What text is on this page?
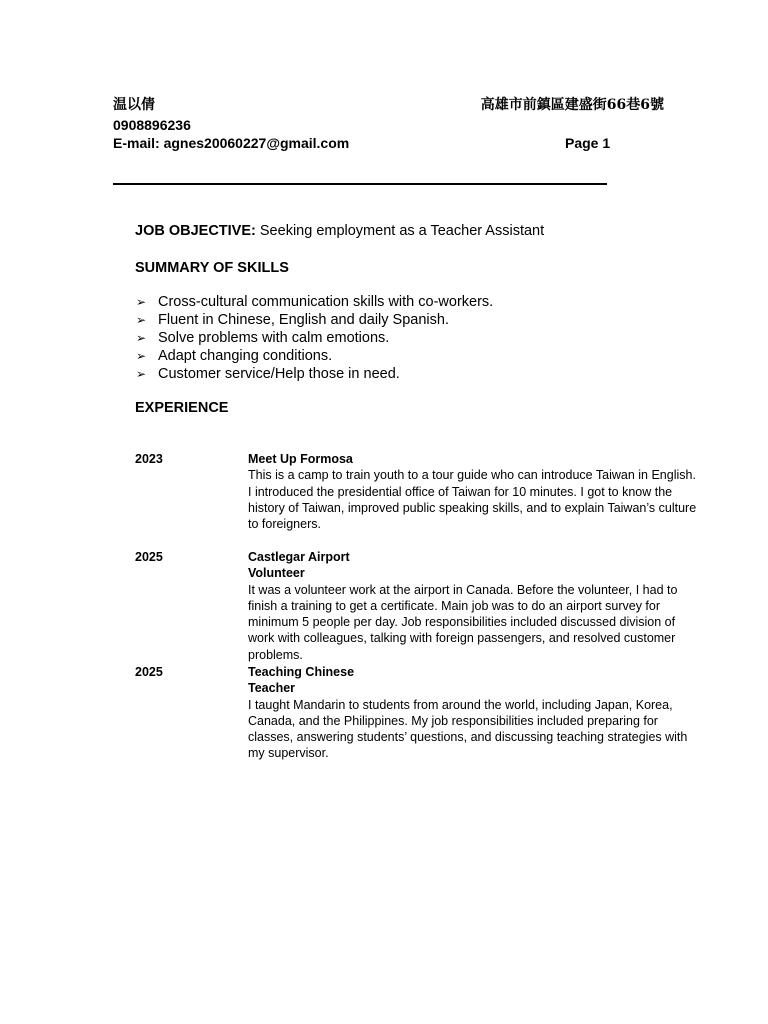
温以倩	高雄市前鎮區建盛街66巷6號
0908896236
E-mail: agnes20060227@gmail.com	Page 1

JOB OBJECTIVE: Seeking employment as a Teacher Assistant

SUMMARY OF SKILLS

➢ Cross-cultural communication skills with co-workers.
➢ Fluent in Chinese, English and daily Spanish.
➢ Solve problems with calm emotions.
➢ Adapt changing conditions.
➢ Customer service/Help those in need.

EXPERIENCE

2023	Meet Up Formosa
This is a camp to train youth to a tour guide who can introduce Taiwan in English. I introduced the presidential office of Taiwan for 10 minutes. I got to know the history of Taiwan, improved public speaking skills, and to explain Taiwan’s culture to foreigners.
2025	Castlegar Airport
Volunteer
It was a volunteer work at the airport in Canada. Before the volunteer, I had to finish a training to get a certificate. Main job was to do an airport survey for minimum 5 people per day. Job responsibilities included discussed division of work with colleagues, talking with foreign passengers, and resolved customer problems.
2025	Teaching Chinese
Teacher
I taught Mandarin to students from around the world, including Japan, Korea, Canada, and the Philippines. My job responsibilities included preparing for classes, answering students’ questions, and discussing teaching strategies with my supervisor.
